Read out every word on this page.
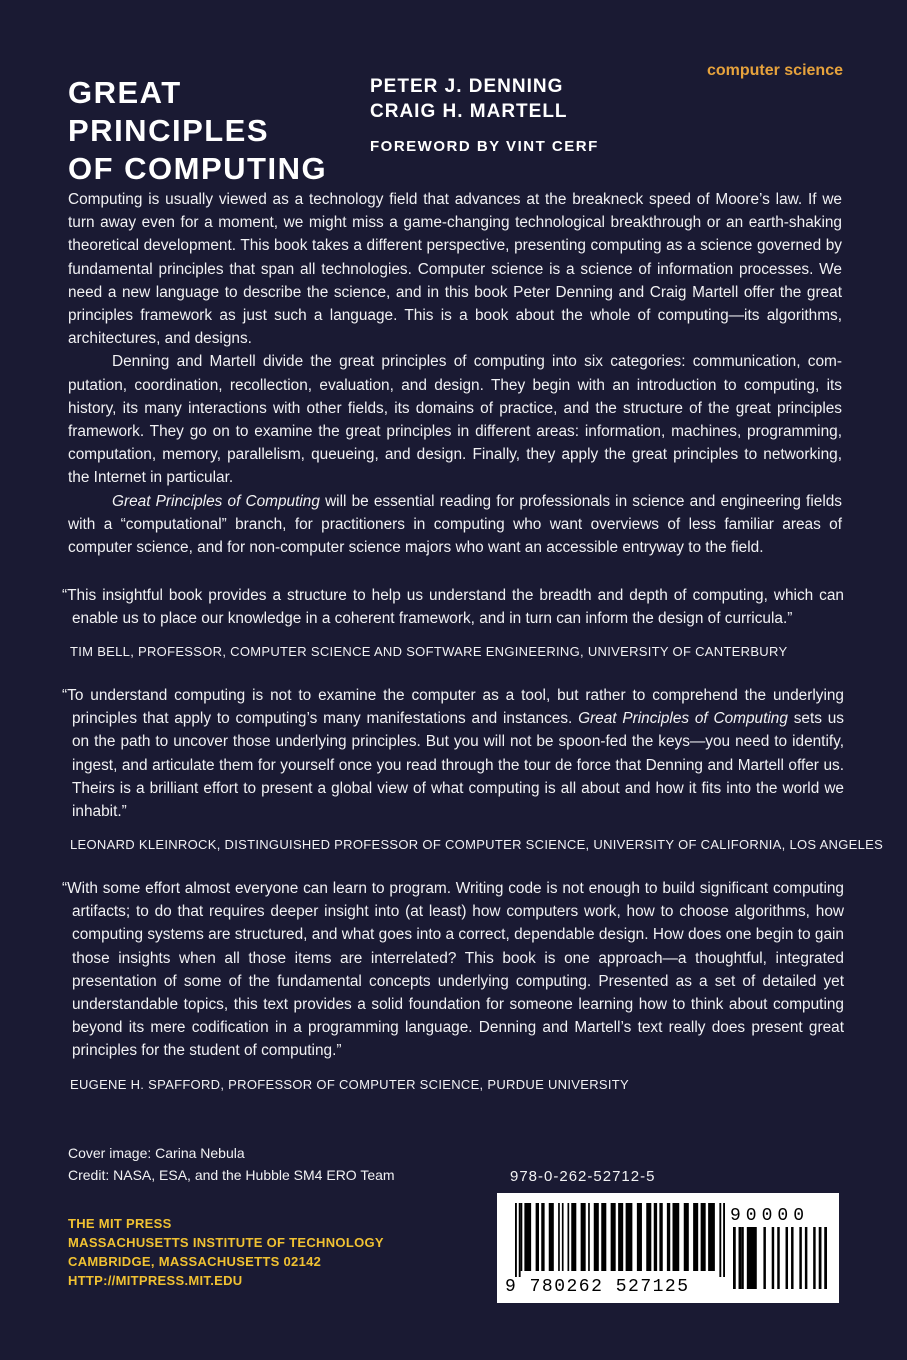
GREAT PRINCIPLES
OF COMPUTING
PETER J. DENNING
CRAIG H. MARTELL
FOREWORD BY VINT CERF
computer science

Computing is usually viewed as a technology field that advances at the breakneck speed of Moore’s law. If we turn away even for a moment, we might miss a game-changing technological breakthrough or an earth-shaking theoretical development. This book takes a different perspective, presenting computing as a science governed by fundamental principles that span all technologies. Computer science is a science of information processes. We need a new language to describe the science, and in this book Peter Denning and Craig Martell offer the great principles framework as just such a language. This is a book about the whole of computing—its algorithms, architectures, and designs.

Denning and Martell divide the great principles of computing into six categories: communication, computation, coordination, recollection, evaluation, and design. They begin with an introduction to computing, its history, its many interactions with other fields, its domains of practice, and the structure of the great principles framework. They go on to examine the great principles in different areas: information, machines, programming, computation, memory, parallelism, queueing, and design. Finally, they apply the great principles to networking, the Internet in particular.

Great Principles of Computing will be essential reading for professionals in science and engineering fields with a “computational” branch, for practitioners in computing who want overviews of less familiar areas of computer science, and for non-computer science majors who want an accessible entryway to the field.

“This insightful book provides a structure to help us understand the breadth and depth of computing, which can enable us to place our knowledge in a coherent framework, and in turn can inform the design of curricula.”

TIM BELL, PROFESSOR, COMPUTER SCIENCE AND SOFTWARE ENGINEERING, UNIVERSITY OF CANTERBURY

“To understand computing is not to examine the computer as a tool, but rather to comprehend the underlying principles that apply to computing’s many manifestations and instances. Great Principles of Computing sets us on the path to uncover those underlying principles. But you will not be spoon-fed the keys—you need to identify, ingest, and articulate them for yourself once you read through the tour de force that Denning and Martell offer us. Theirs is a brilliant effort to present a global view of what computing is all about and how it fits into the world we inhabit.”

LEONARD KLEINROCK, DISTINGUISHED PROFESSOR OF COMPUTER SCIENCE, UNIVERSITY OF CALIFORNIA, LOS ANGELES

“With some effort almost everyone can learn to program. Writing code is not enough to build significant computing artifacts; to do that requires deeper insight into (at least) how computers work, how to choose algorithms, how computing systems are structured, and what goes into a correct, dependable design. How does one begin to gain those insights when all those items are interrelated? This book is one approach—a thoughtful, integrated presentation of some of the fundamental concepts underlying computing. Presented as a set of detailed yet understandable topics, this text provides a solid foundation for someone learning how to think about computing beyond its mere codification in a programming language. Denning and Martell’s text really does present great principles for the student of computing.”

EUGENE H. SPAFFORD, PROFESSOR OF COMPUTER SCIENCE, PURDUE UNIVERSITY
Cover image: Carina Nebula
Credit: NASA, ESA, and the Hubble SM4 ERO Team
THE MIT PRESS
MASSACHUSETTS INSTITUTE OF TECHNOLOGY
CAMBRIDGE, MASSACHUSETTS 02142
HTTP://MITPRESS.MIT.EDU
978-0-262-52712-5
90000
9 780262 527125
